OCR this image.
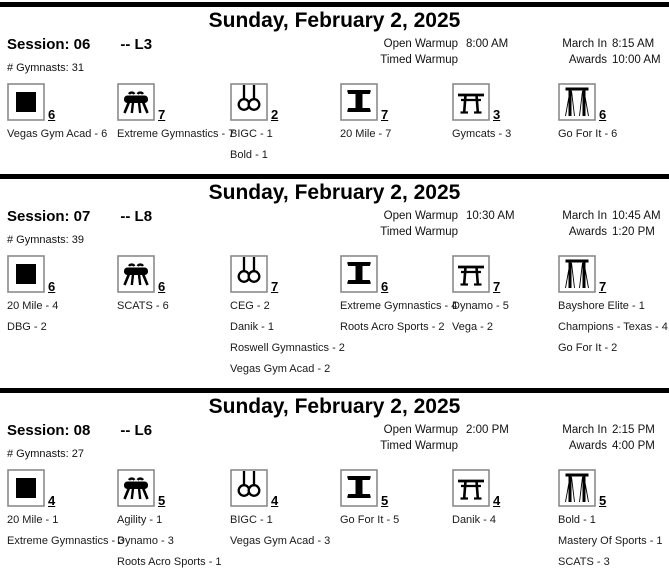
Sunday, February 2, 2025
Session: 06 -- L3
# Gymnasts: 31
Open Warmup 8:00 AM
Timed Warmup
March In 8:15 AM
Awards 10:00 AM
6
Vegas Gym Acad - 6
7
Extreme Gymnastics - 7
2
BIGC - 1
Bold - 1
7
20 Mile - 7
3
Gymcats - 3
6
Go For It - 6
Sunday, February 2, 2025
Session: 07 -- L8
# Gymnasts: 39
Open Warmup 10:30 AM
Timed Warmup
March In 10:45 AM
Awards 1:20 PM
6
20 Mile - 4
DBG - 2
6
SCATS - 6
7
CEG - 2
Danik - 1
Roswell Gymnastics - 2
Vegas Gym Acad - 2
6
Extreme Gymnastics - 4
Roots Acro Sports - 2
7
Dynamo - 5
Vega - 2
7
Bayshore Elite - 1
Champions - Texas - 4
Go For It - 2
Sunday, February 2, 2025
Session: 08 -- L6
# Gymnasts: 27
Open Warmup 2:00 PM
Timed Warmup
March In 2:15 PM
Awards 4:00 PM
4
20 Mile - 1
Extreme Gymnastics - 3
5
Agility - 1
Dynamo - 3
Roots Acro Sports - 1
4
BIGC - 1
Vegas Gym Acad - 3
5
Go For It - 5
4
Danik - 4
5
Bold - 1
Mastery Of Sports - 1
SCATS - 3
